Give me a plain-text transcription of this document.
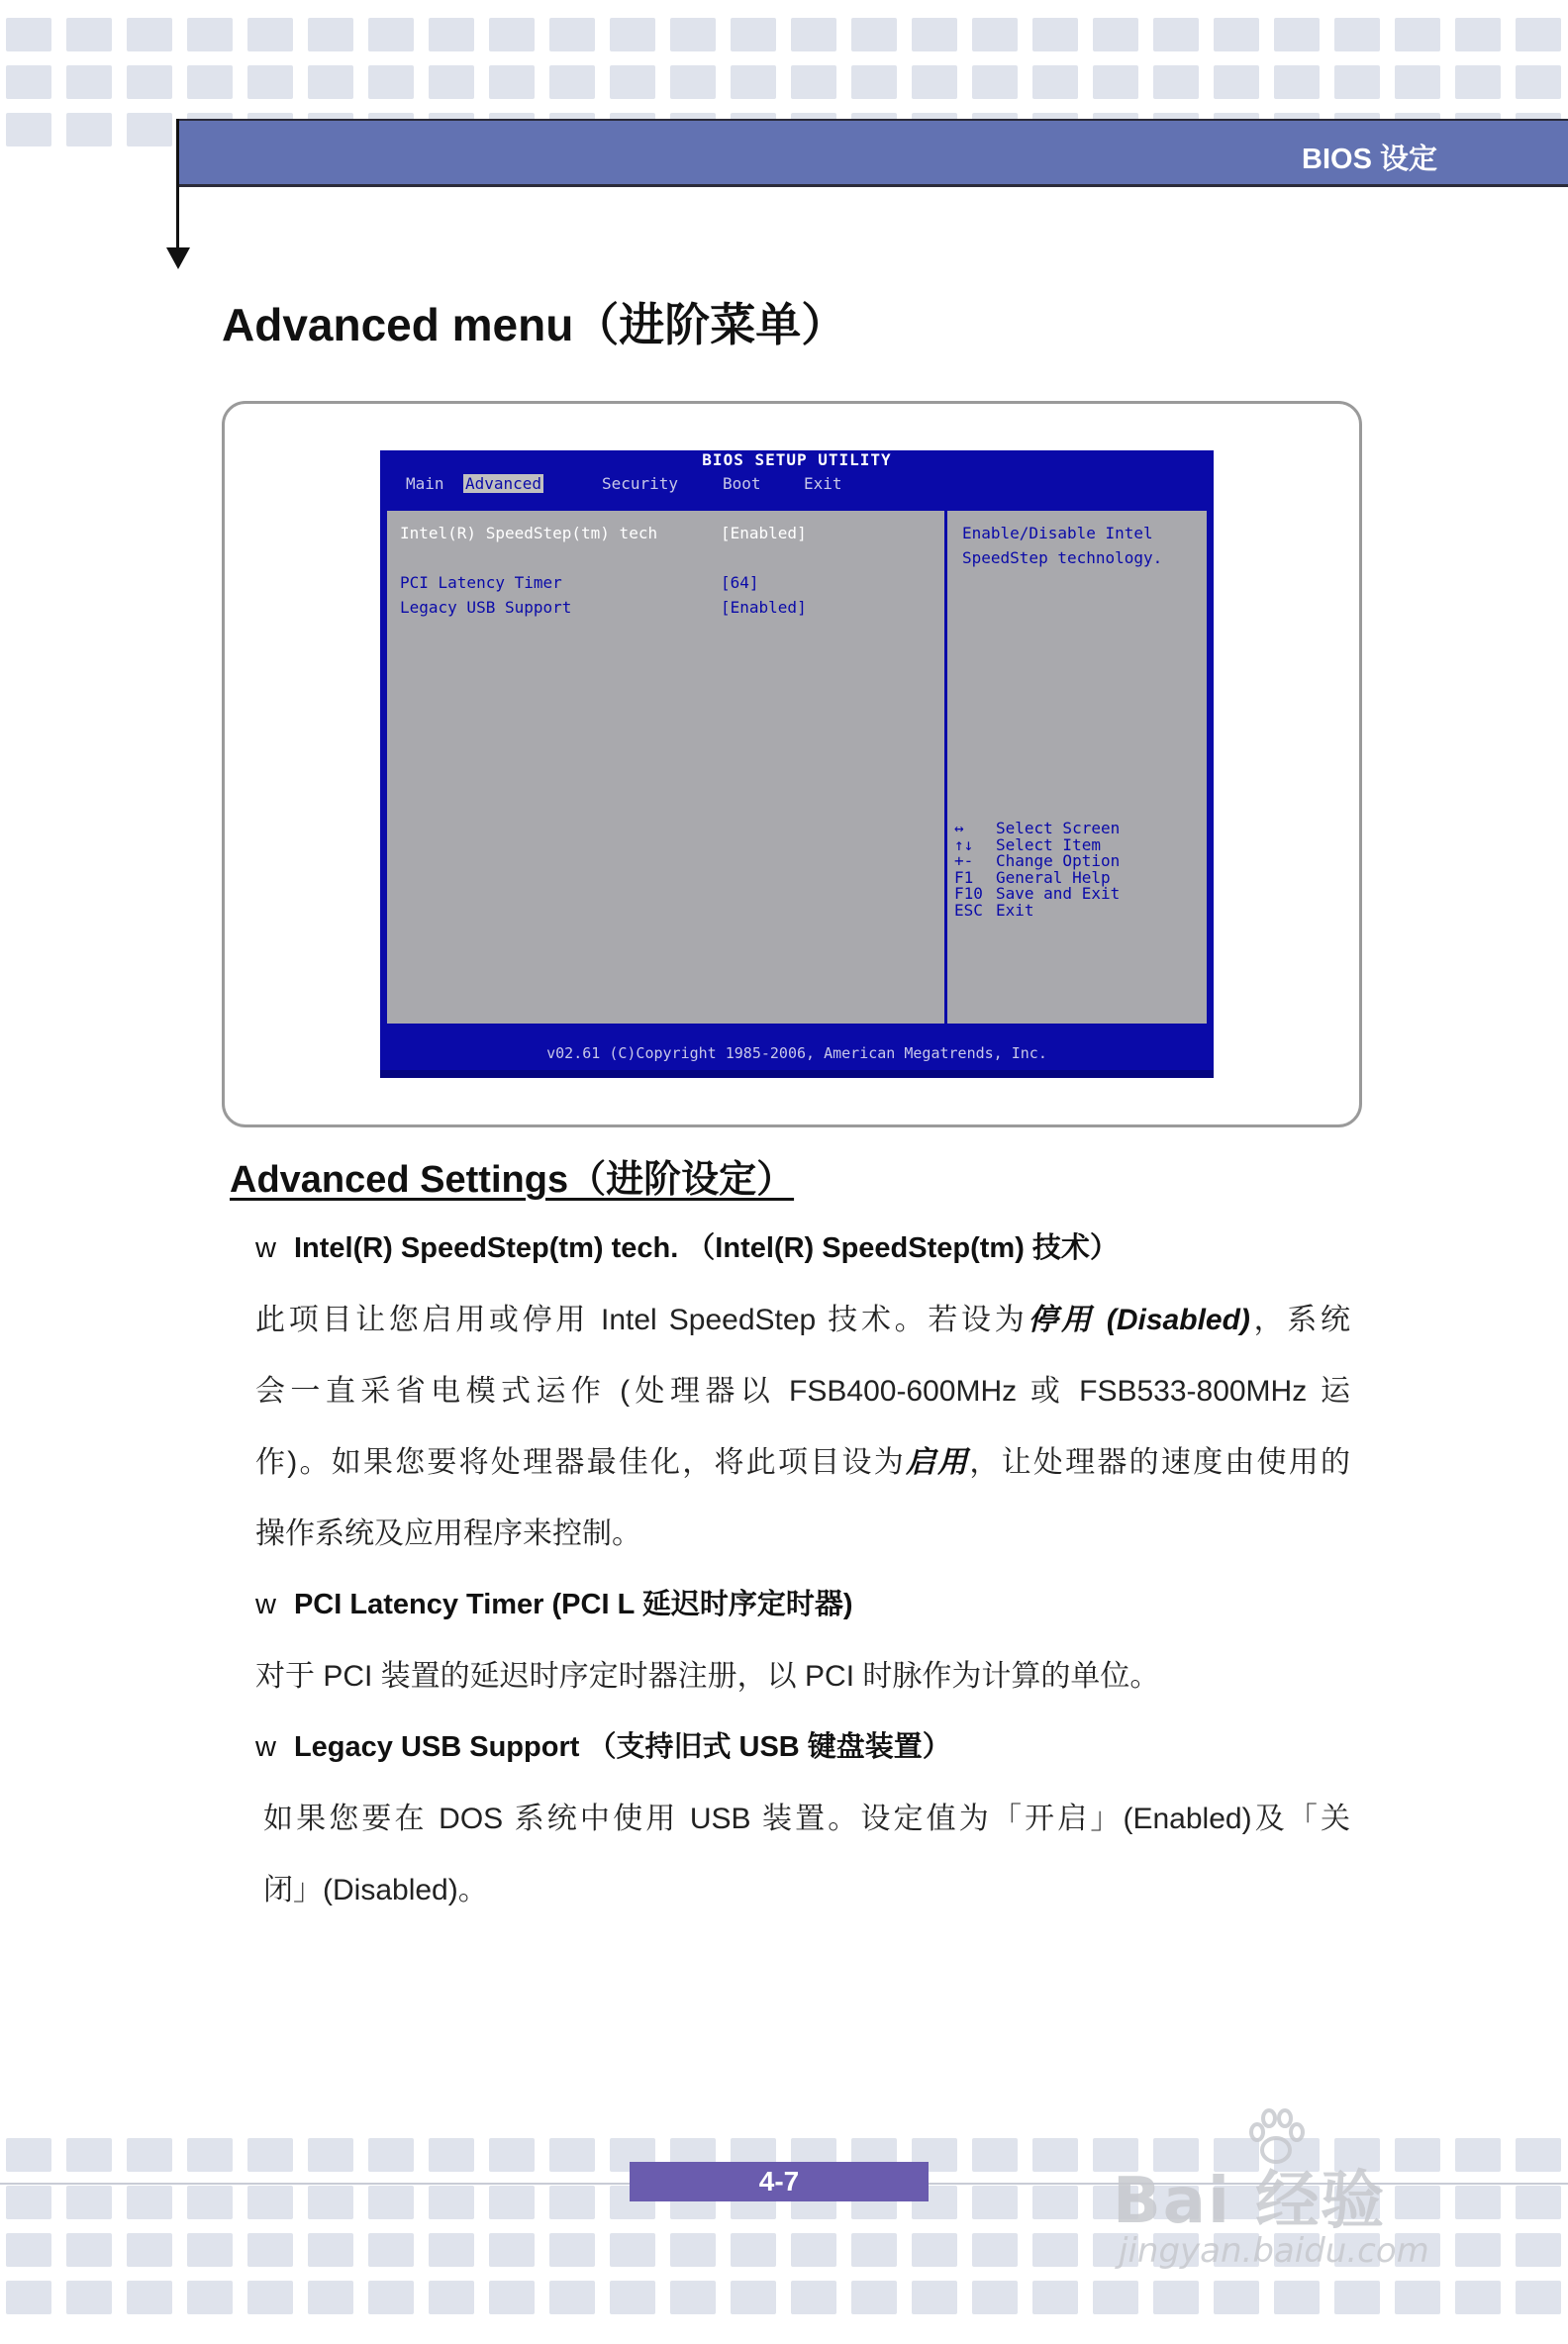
BIOS 设定
Advanced menu（进阶菜单）
BIOS SETUP UTILITY
Main Advanced	Security	Boot	Exit
Intel(R) SpeedStep(tm) tech	[Enabled]
PCI Latency Timer	[64]
Legacy USB Support	[Enabled]
Enable/Disable Intel
SpeedStep technology.
↔ Select Screen
↑↓ Select Item
+- Change Option
F1 General Help
F10 Save and Exit
ESC Exit
v02.61 (C)Copyright 1985-2006, American Megatrends, Inc.
Advanced Settings（进阶设定）
w Intel(R) SpeedStep(tm) tech. （Intel(R) SpeedStep(tm) 技术）
此项目让您启用或停用 Intel SpeedStep 技术。若设为停用 (Disabled)，系统
会一直采省电模式运作 (处理器以 FSB400-600MHz 或 FSB533-800MHz 运
作)。如果您要将处理器最佳化，将此项目设为启用，让处理器的速度由使用的
操作系统及应用程序来控制。
w PCI Latency Timer (PCI L 延迟时序定时器)
对于 PCI 装置的延迟时序定时器注册，以 PCI 时脉作为计算的单位。
w Legacy USB Support （支持旧式 USB 键盘装置）
如果您要在 DOS 系统中使用 USB 装置。设定值为「开启」(Enabled)及「关
闭」(Disabled)。
4-7	Bai 经验
jingyan.baidu.com
